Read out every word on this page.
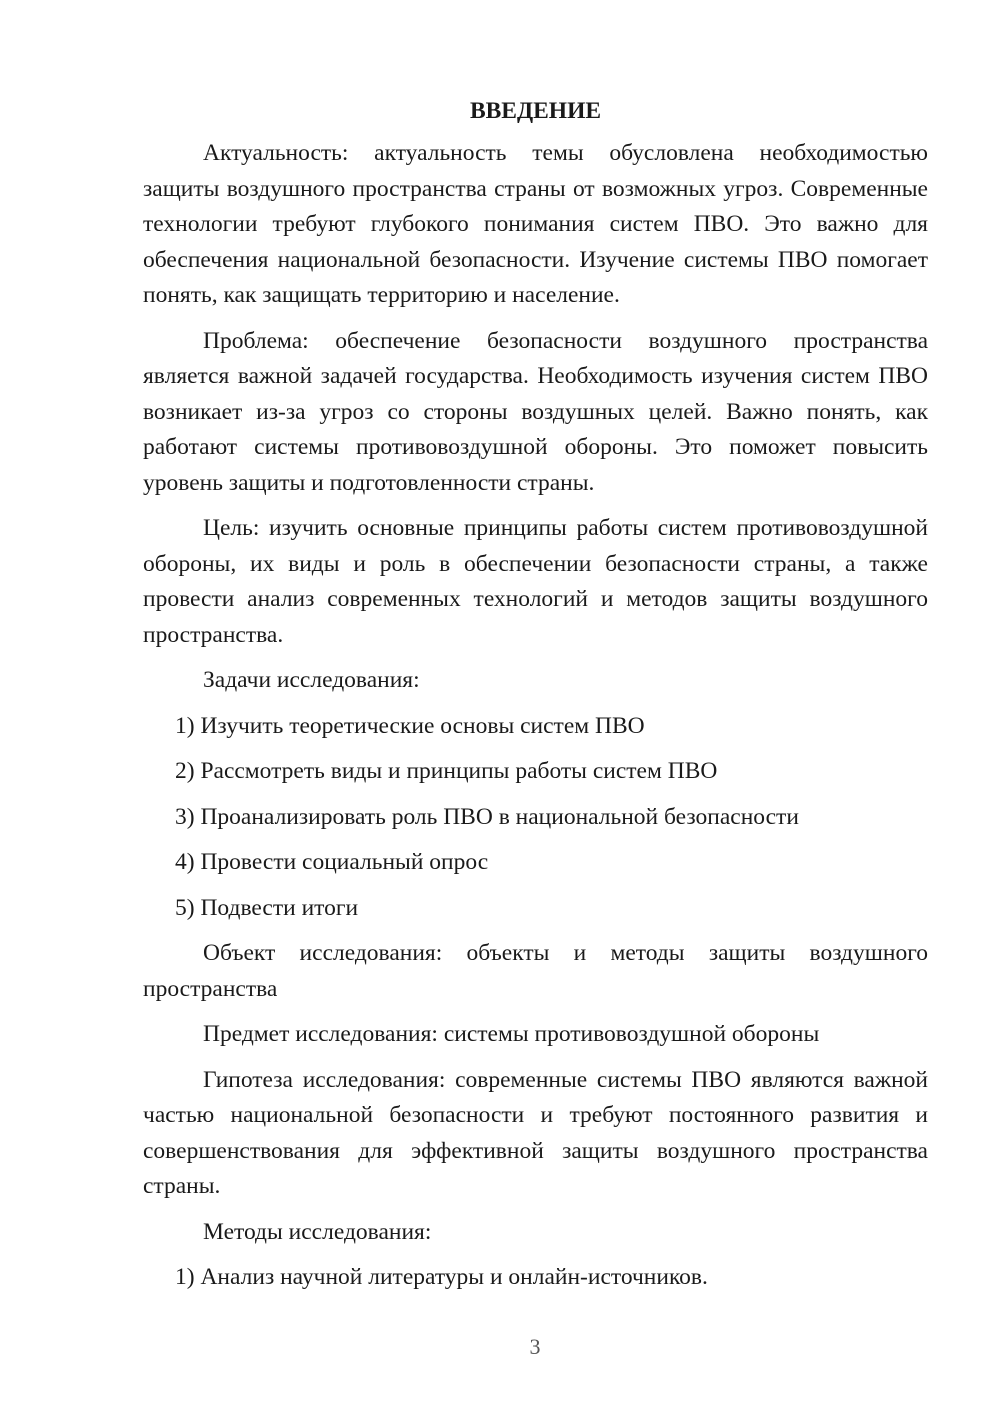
ВВЕДЕНИЕ
Актуальность: актуальность темы обусловлена необходимостью защиты воздушного пространства страны от возможных угроз. Современные технологии требуют глубокого понимания систем ПВО. Это важно для обеспечения национальной безопасности. Изучение системы ПВО помогает понять, как защищать территорию и население.
Проблема: обеспечение безопасности воздушного пространства является важной задачей государства. Необходимость изучения систем ПВО возникает из-за угроз со стороны воздушных целей. Важно понять, как работают системы противовоздушной обороны. Это поможет повысить уровень защиты и подготовленности страны.
Цель: изучить основные принципы работы систем противовоздушной обороны, их виды и роль в обеспечении безопасности страны, а также провести анализ современных технологий и методов защиты воздушного пространства.
Задачи исследования:
1) Изучить теоретические основы систем ПВО
2) Рассмотреть виды и принципы работы систем ПВО
3) Проанализировать роль ПВО в национальной безопасности
4) Провести социальный опрос
5) Подвести итоги
Объект исследования: объекты и методы защиты воздушного пространства
Предмет исследования: системы противовоздушной обороны
Гипотеза исследования: современные системы ПВО являются важной частью национальной безопасности и требуют постоянного развития и совершенствования для эффективной защиты воздушного пространства страны.
Методы исследования:
1) Анализ научной литературы и онлайн-источников.
3
